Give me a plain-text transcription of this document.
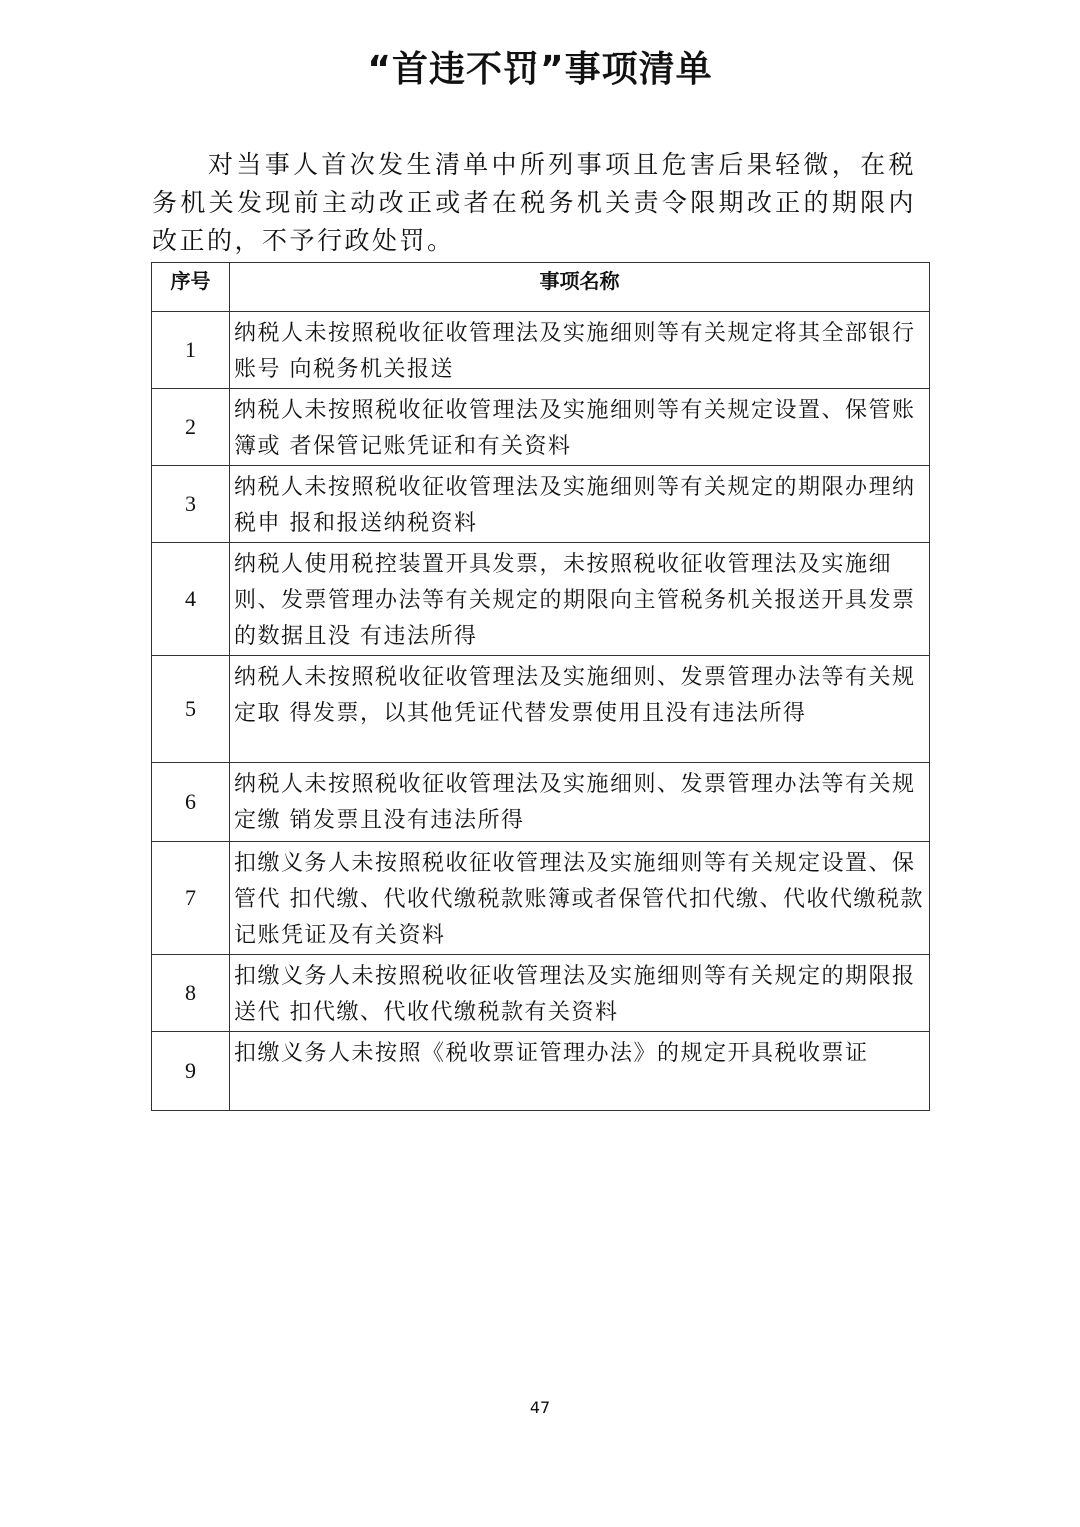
“首违不罚”事项清单

对当事人首次发生清单中所列事项且危害后果轻微，在税务机关发现前主动改正或者在税务机关责令限期改正的期限内改正的，不予行政处罚。

序号	事项名称
1	纳税人未按照税收征收管理法及实施细则等有关规定将其全部银行账号 向税务机关报送
2	纳税人未按照税收征收管理法及实施细则等有关规定设置、保管账簿或 者保管记账凭证和有关资料
3	纳税人未按照税收征收管理法及实施细则等有关规定的期限办理纳税申 报和报送纳税资料
4	纳税人使用税控装置开具发票，未按照税收征收管理法及实施细则、发票管理办法等有关规定的期限向主管税务机关报送开具发票的数据且没 有违法所得
5	纳税人未按照税收征收管理法及实施细则、发票管理办法等有关规定取 得发票，以其他凭证代替发票使用且没有违法所得
6	纳税人未按照税收征收管理法及实施细则、发票管理办法等有关规定缴 销发票且没有违法所得
7	扣缴义务人未按照税收征收管理法及实施细则等有关规定设置、保管代 扣代缴、代收代缴税款账簿或者保管代扣代缴、代收代缴税款记账凭证及有关资料
8	扣缴义务人未按照税收征收管理法及实施细则等有关规定的期限报送代 扣代缴、代收代缴税款有关资料
9	扣缴义务人未按照《税收票证管理办法》的规定开具税收票证
47
